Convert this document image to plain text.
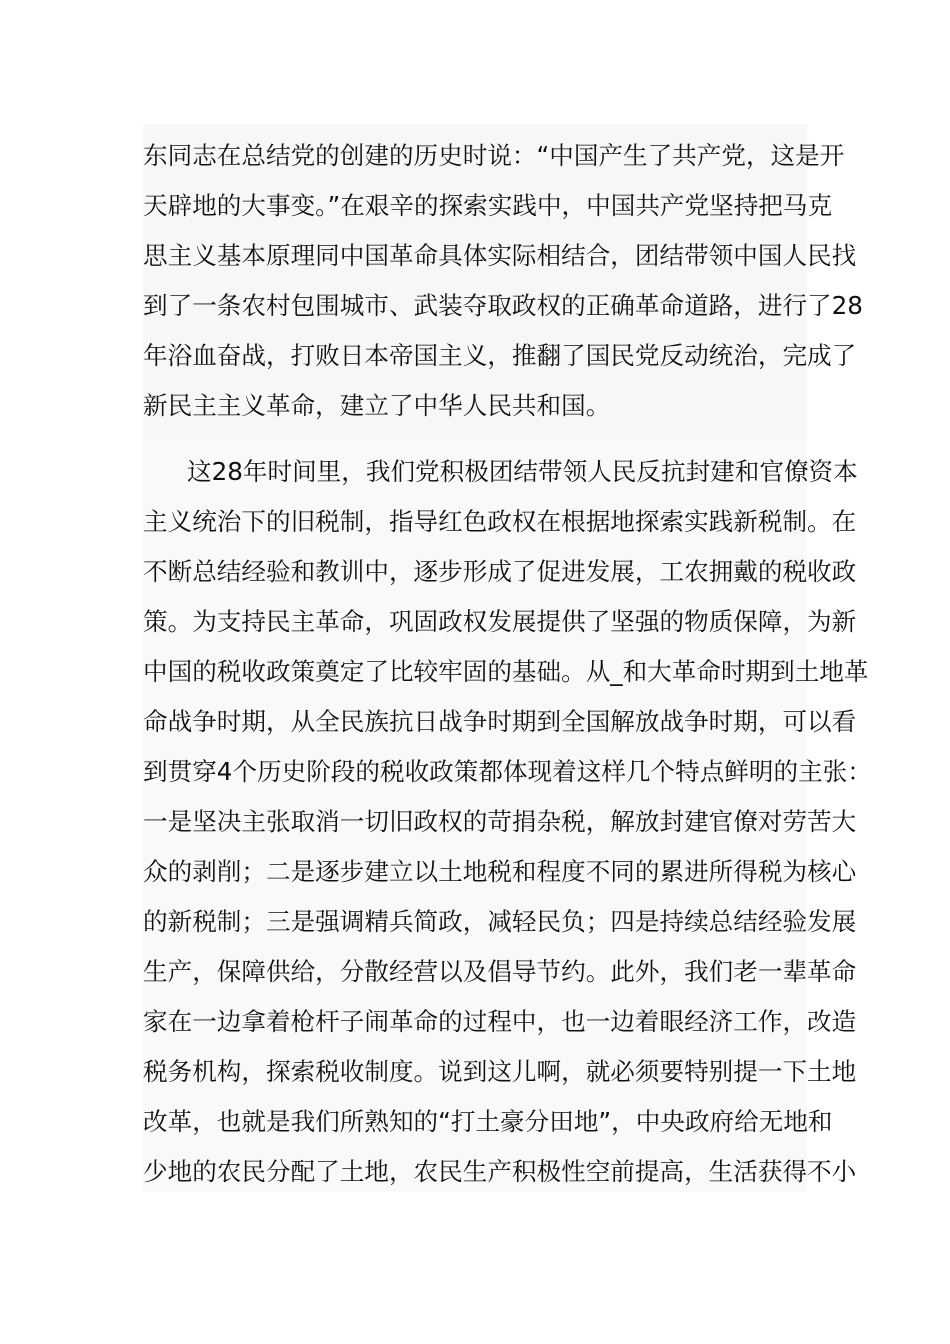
东同志在总结党的创建的历史时说：“中国产生了共产党，这是开
天辟地的大事变。”在艰辛的探索实践中，中国共产党坚持把马克
思主义基本原理同中国革命具体实际相结合，团结带领中国人民找
到了一条农村包围城市、武装夺取政权的正确革命道路，进行了28
年浴血奋战，打败日本帝国主义，推翻了国民党反动统治，完成了
新民主主义革命，建立了中华人民共和国。
这28年时间里，我们党积极团结带领人民反抗封建和官僚资本
主义统治下的旧税制，指导红色政权在根据地探索实践新税制。在
不断总结经验和教训中，逐步形成了促进发展，工农拥戴的税收政
策。为支持民主革命，巩固政权发展提供了坚强的物质保障，为新
中国的税收政策奠定了比较牢固的基础。从_和大革命时期到土地革
命战争时期，从全民族抗日战争时期到全国解放战争时期，可以看
到贯穿4个历史阶段的税收政策都体现着这样几个特点鲜明的主张：
一是坚决主张取消一切旧政权的苛捐杂税，解放封建官僚对劳苦大
众的剥削；二是逐步建立以土地税和程度不同的累进所得税为核心
的新税制；三是强调精兵简政，减轻民负；四是持续总结经验发展
生产，保障供给，分散经营以及倡导节约。此外，我们老一辈革命
家在一边拿着枪杆子闹革命的过程中，也一边着眼经济工作，改造
税务机构，探索税收制度。说到这儿啊，就必须要特别提一下土地
改革，也就是我们所熟知的“打土豪分田地”，中央政府给无地和
少地的农民分配了土地，农民生产积极性空前提高，生活获得不小
